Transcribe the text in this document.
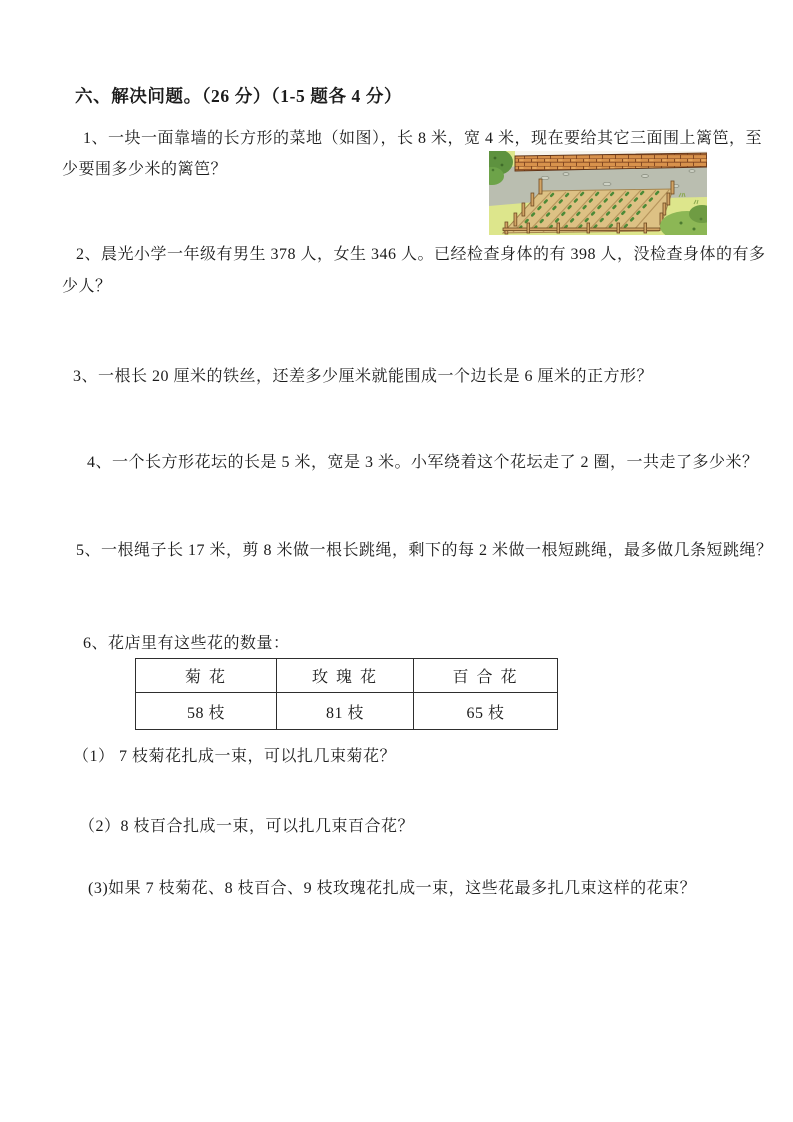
六、解决问题。（26 分）（1-5 题各 4 分）
1、一块一面靠墙的长方形的菜地（如图），长 8 米，宽 4 米，现在要给其它三面围上篱笆，至
少要围多少米的篱笆？
2、晨光小学一年级有男生 378 人，女生 346 人。已经检查身体的有 398 人，没检查身体的有多
少人？
3、一根长 20 厘米的铁丝，还差多少厘米就能围成一个边长是 6 厘米的正方形？
4、一个长方形花坛的长是 5 米，宽是 3 米。小军绕着这个花坛走了 2 圈，一共走了多少米？
5、一根绳子长 17 米，剪 8 米做一根长跳绳，剩下的每 2 米做一根短跳绳，最多做几条短跳绳？
6、花店里有这些花的数量：
菊 花	玫 瑰 花	百 合 花
58 枝	81 枝	65 枝
（1） 7 枝菊花扎成一束，可以扎几束菊花？
（2）8 枝百合扎成一束，可以扎几束百合花？
(3)如果 7 枝菊花、8 枝百合、9 枝玫瑰花扎成一束，这些花最多扎几束这样的花束？
